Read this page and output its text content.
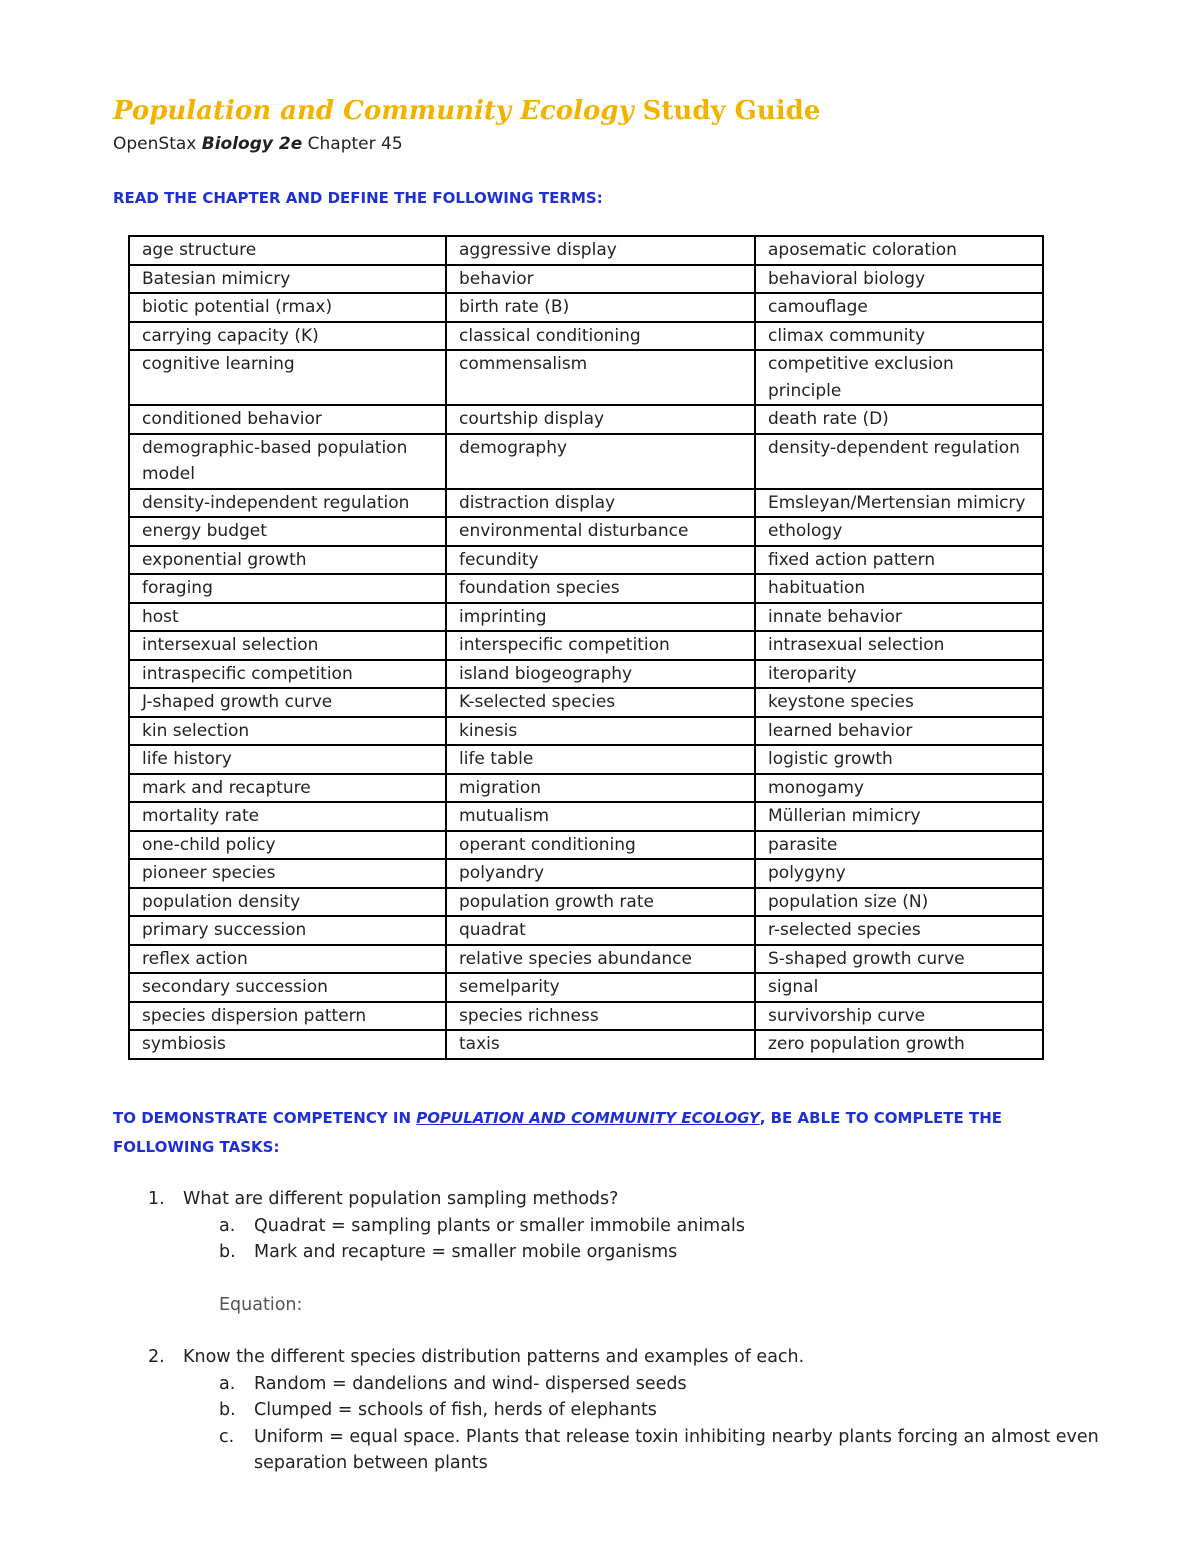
Population and Community Ecology Study Guide
OpenStax Biology 2e Chapter 45
READ THE CHAPTER AND DEFINE THE FOLLOWING TERMS:
age structure	aggressive display	aposematic coloration
Batesian mimicry	behavior	behavioral biology
biotic potential (rmax)	birth rate (B)	camouflage
carrying capacity (K)	classical conditioning	climax community
cognitive learning	commensalism	competitive exclusion principle
conditioned behavior	courtship display	death rate (D)
demographic-based population model	demography	density-dependent regulation
density-independent regulation	distraction display	Emsleyan/Mertensian mimicry
energy budget	environmental disturbance	ethology
exponential growth	fecundity	fixed action pattern
foraging	foundation species	habituation
host	imprinting	innate behavior
intersexual selection	interspecific competition	intrasexual selection
intraspecific competition	island biogeography	iteroparity
J-shaped growth curve	K-selected species	keystone species
kin selection	kinesis	learned behavior
life history	life table	logistic growth
mark and recapture	migration	monogamy
mortality rate	mutualism	Müllerian mimicry
one-child policy	operant conditioning	parasite
pioneer species	polyandry	polygyny
population density	population growth rate	population size (N)
primary succession	quadrat	r-selected species
reflex action	relative species abundance	S-shaped growth curve
secondary succession	semelparity	signal
species dispersion pattern	species richness	survivorship curve
symbiosis	taxis	zero population growth
TO DEMONSTRATE COMPETENCY IN POPULATION AND COMMUNITY ECOLOGY, BE ABLE TO COMPLETE THE FOLLOWING TASKS:
1. What are different population sampling methods?
a. Quadrat = sampling plants or smaller immobile animals
b. Mark and recapture = smaller mobile organisms
Equation:
2. Know the different species distribution patterns and examples of each.
a. Random = dandelions and wind- dispersed seeds
b. Clumped = schools of fish, herds of elephants
c. Uniform = equal space. Plants that release toxin inhibiting nearby plants forcing an almost even separation between plants
